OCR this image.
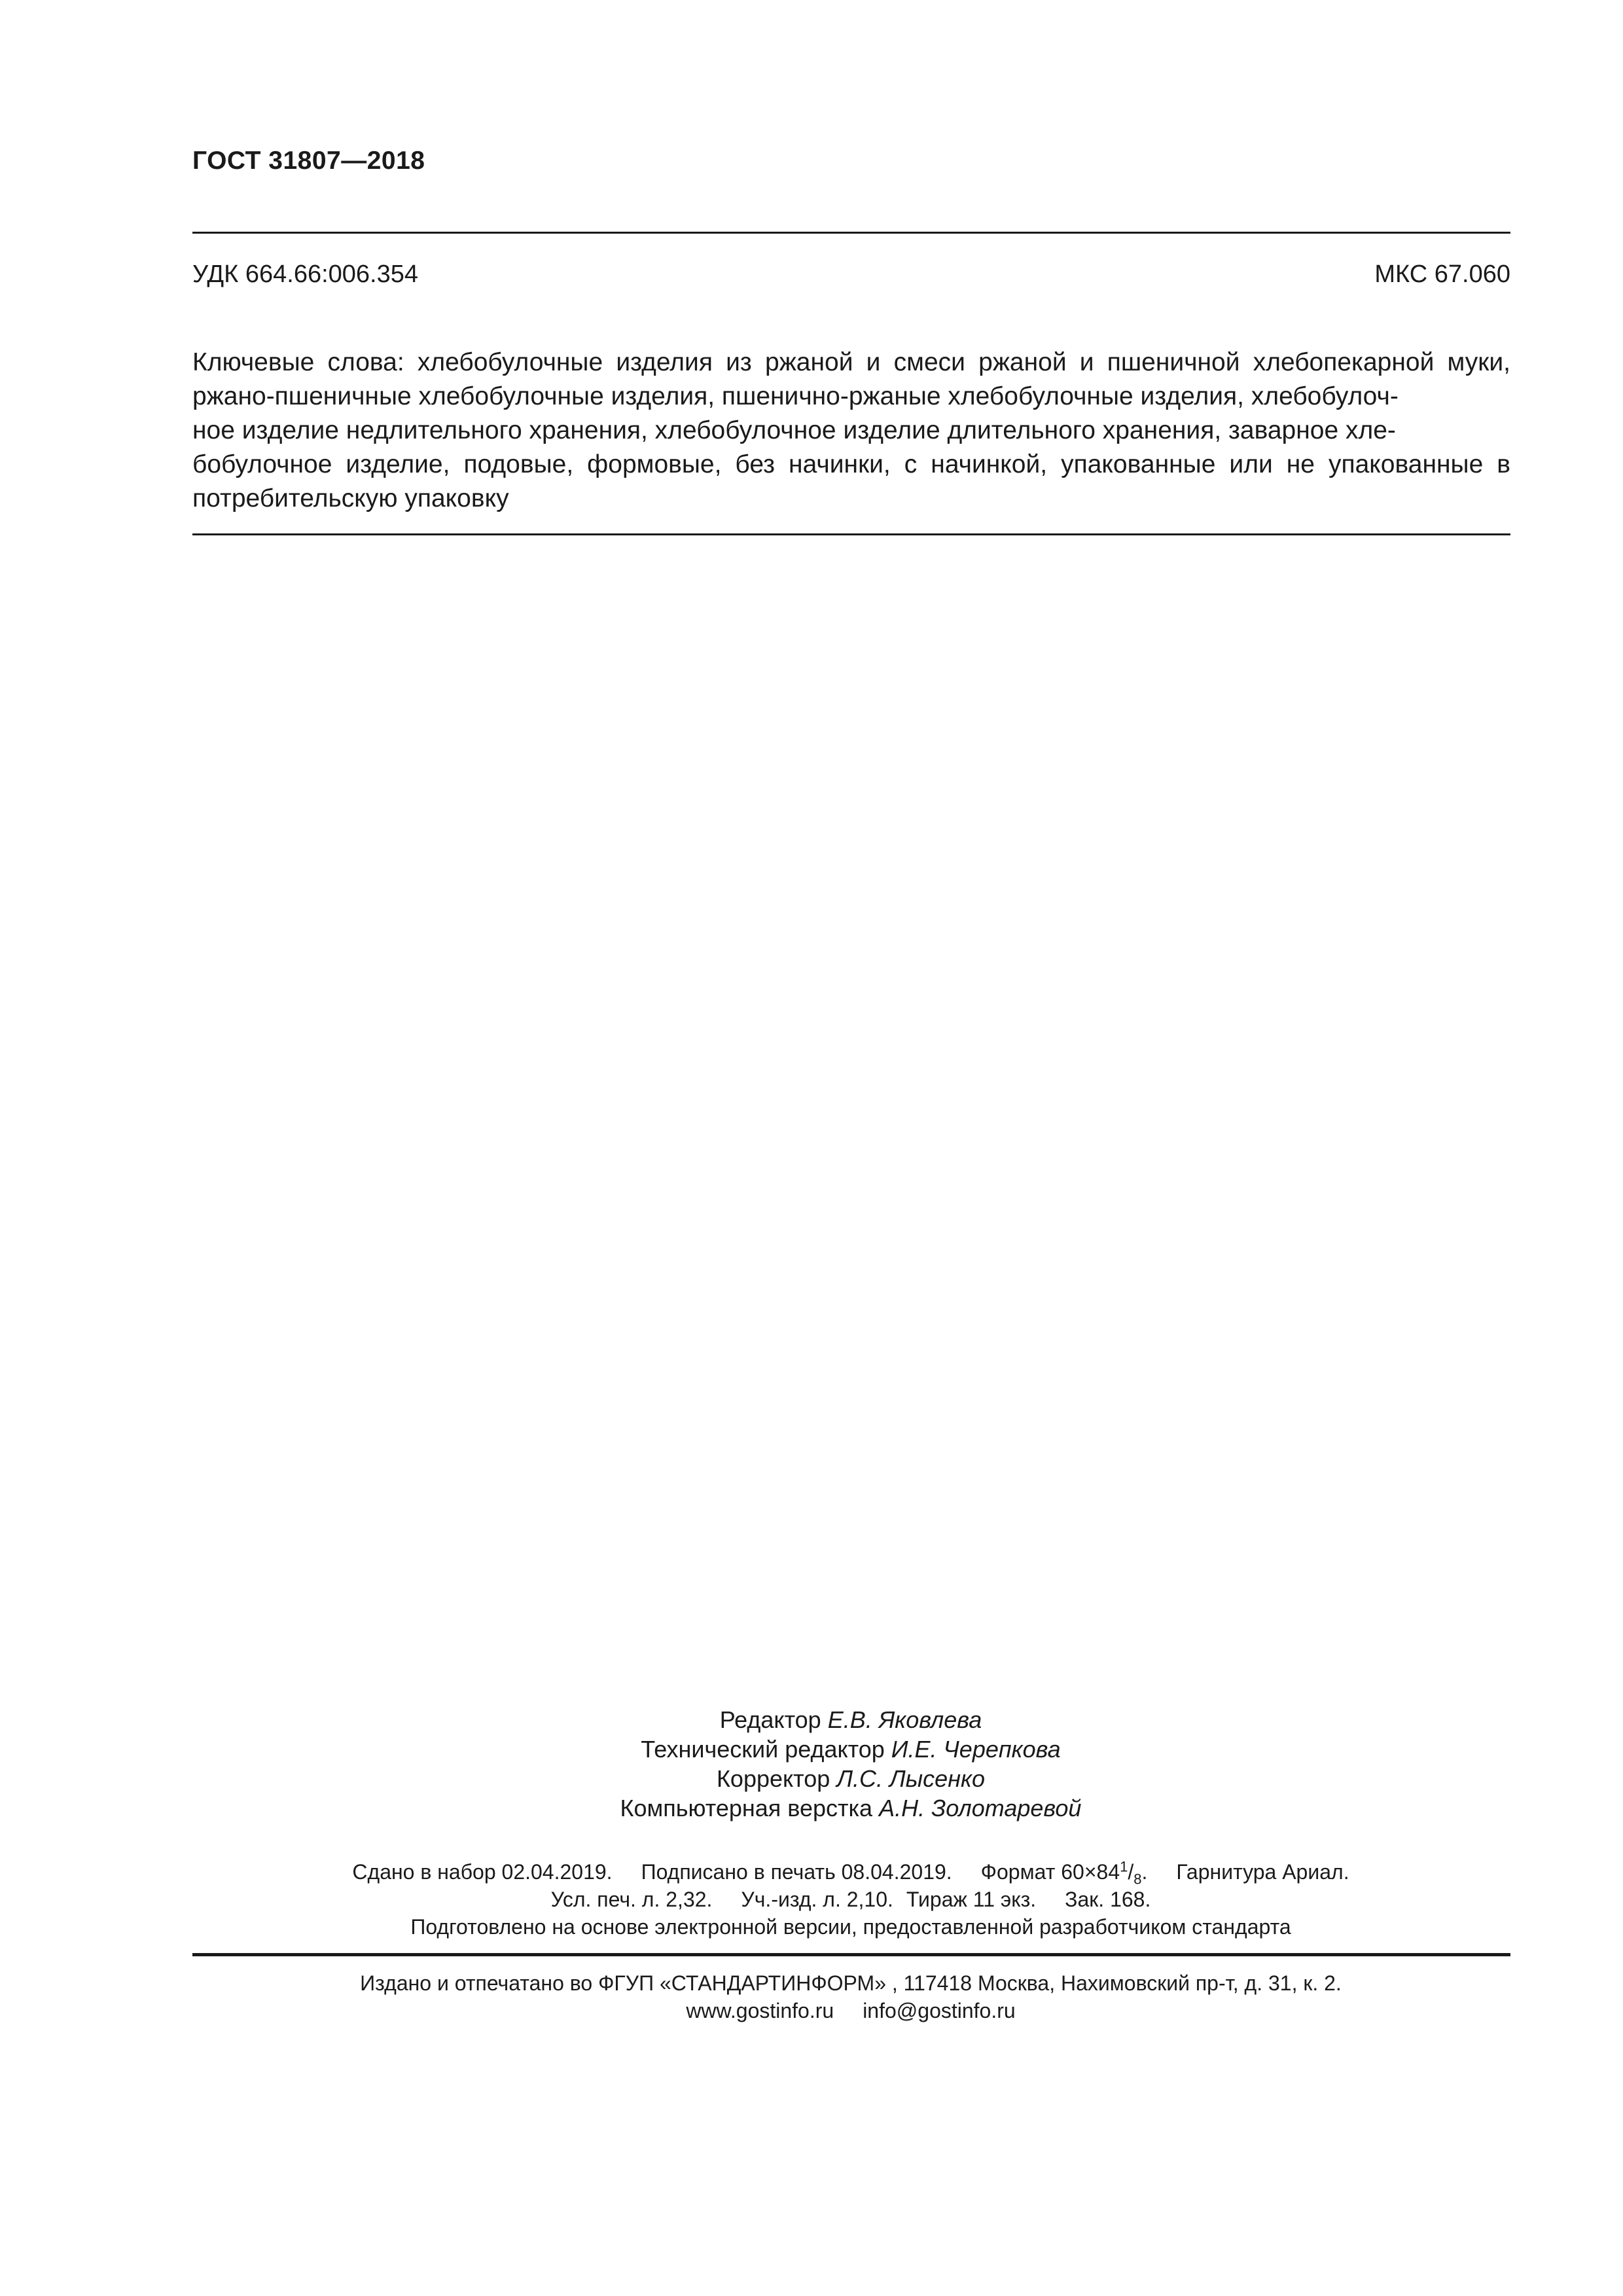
ГОСТ 31807—2018
УДК 664.66:006.354	МКС 67.060
Ключевые слова: хлебобулочные изделия из ржаной и смеси ржаной и пшеничной хлебопекарной муки, ржано-пшеничные хлебобулочные изделия, пшенично-ржаные хлебобулочные изделия, хлебобулоч-
ное изделие недлительного хранения, хлебобулочное изделие длительного хранения, заварное хле-
бобулочное изделие, подовые, формовые, без начинки, с начинкой, упакованные или не упакованные в потребительскую упаковку
Редактор Е.В. Яковлева
Технический редактор И.Е. Черепкова
Корректор Л.С. Лысенко
Компьютерная верстка А.Н. Золотаревой
Сдано в набор 02.04.2019. Подписано в печать 08.04.2019. Формат $60\times 84^1/_8$. Гарнитура Ариал.
Усл. печ. л. 2,32. Уч.-изд. л. 2,10. Тираж 11 экз. Зак. 168.
Подготовлено на основе электронной версии, предоставленной разработчиком стандарта
Издано и отпечатано во ФГУП «СТАНДАРТИНФОРМ» , 117418 Москва, Нахимовский пр-т, д. 31, к. 2.
www.gostinfo.ru info@gostinfo.ru
